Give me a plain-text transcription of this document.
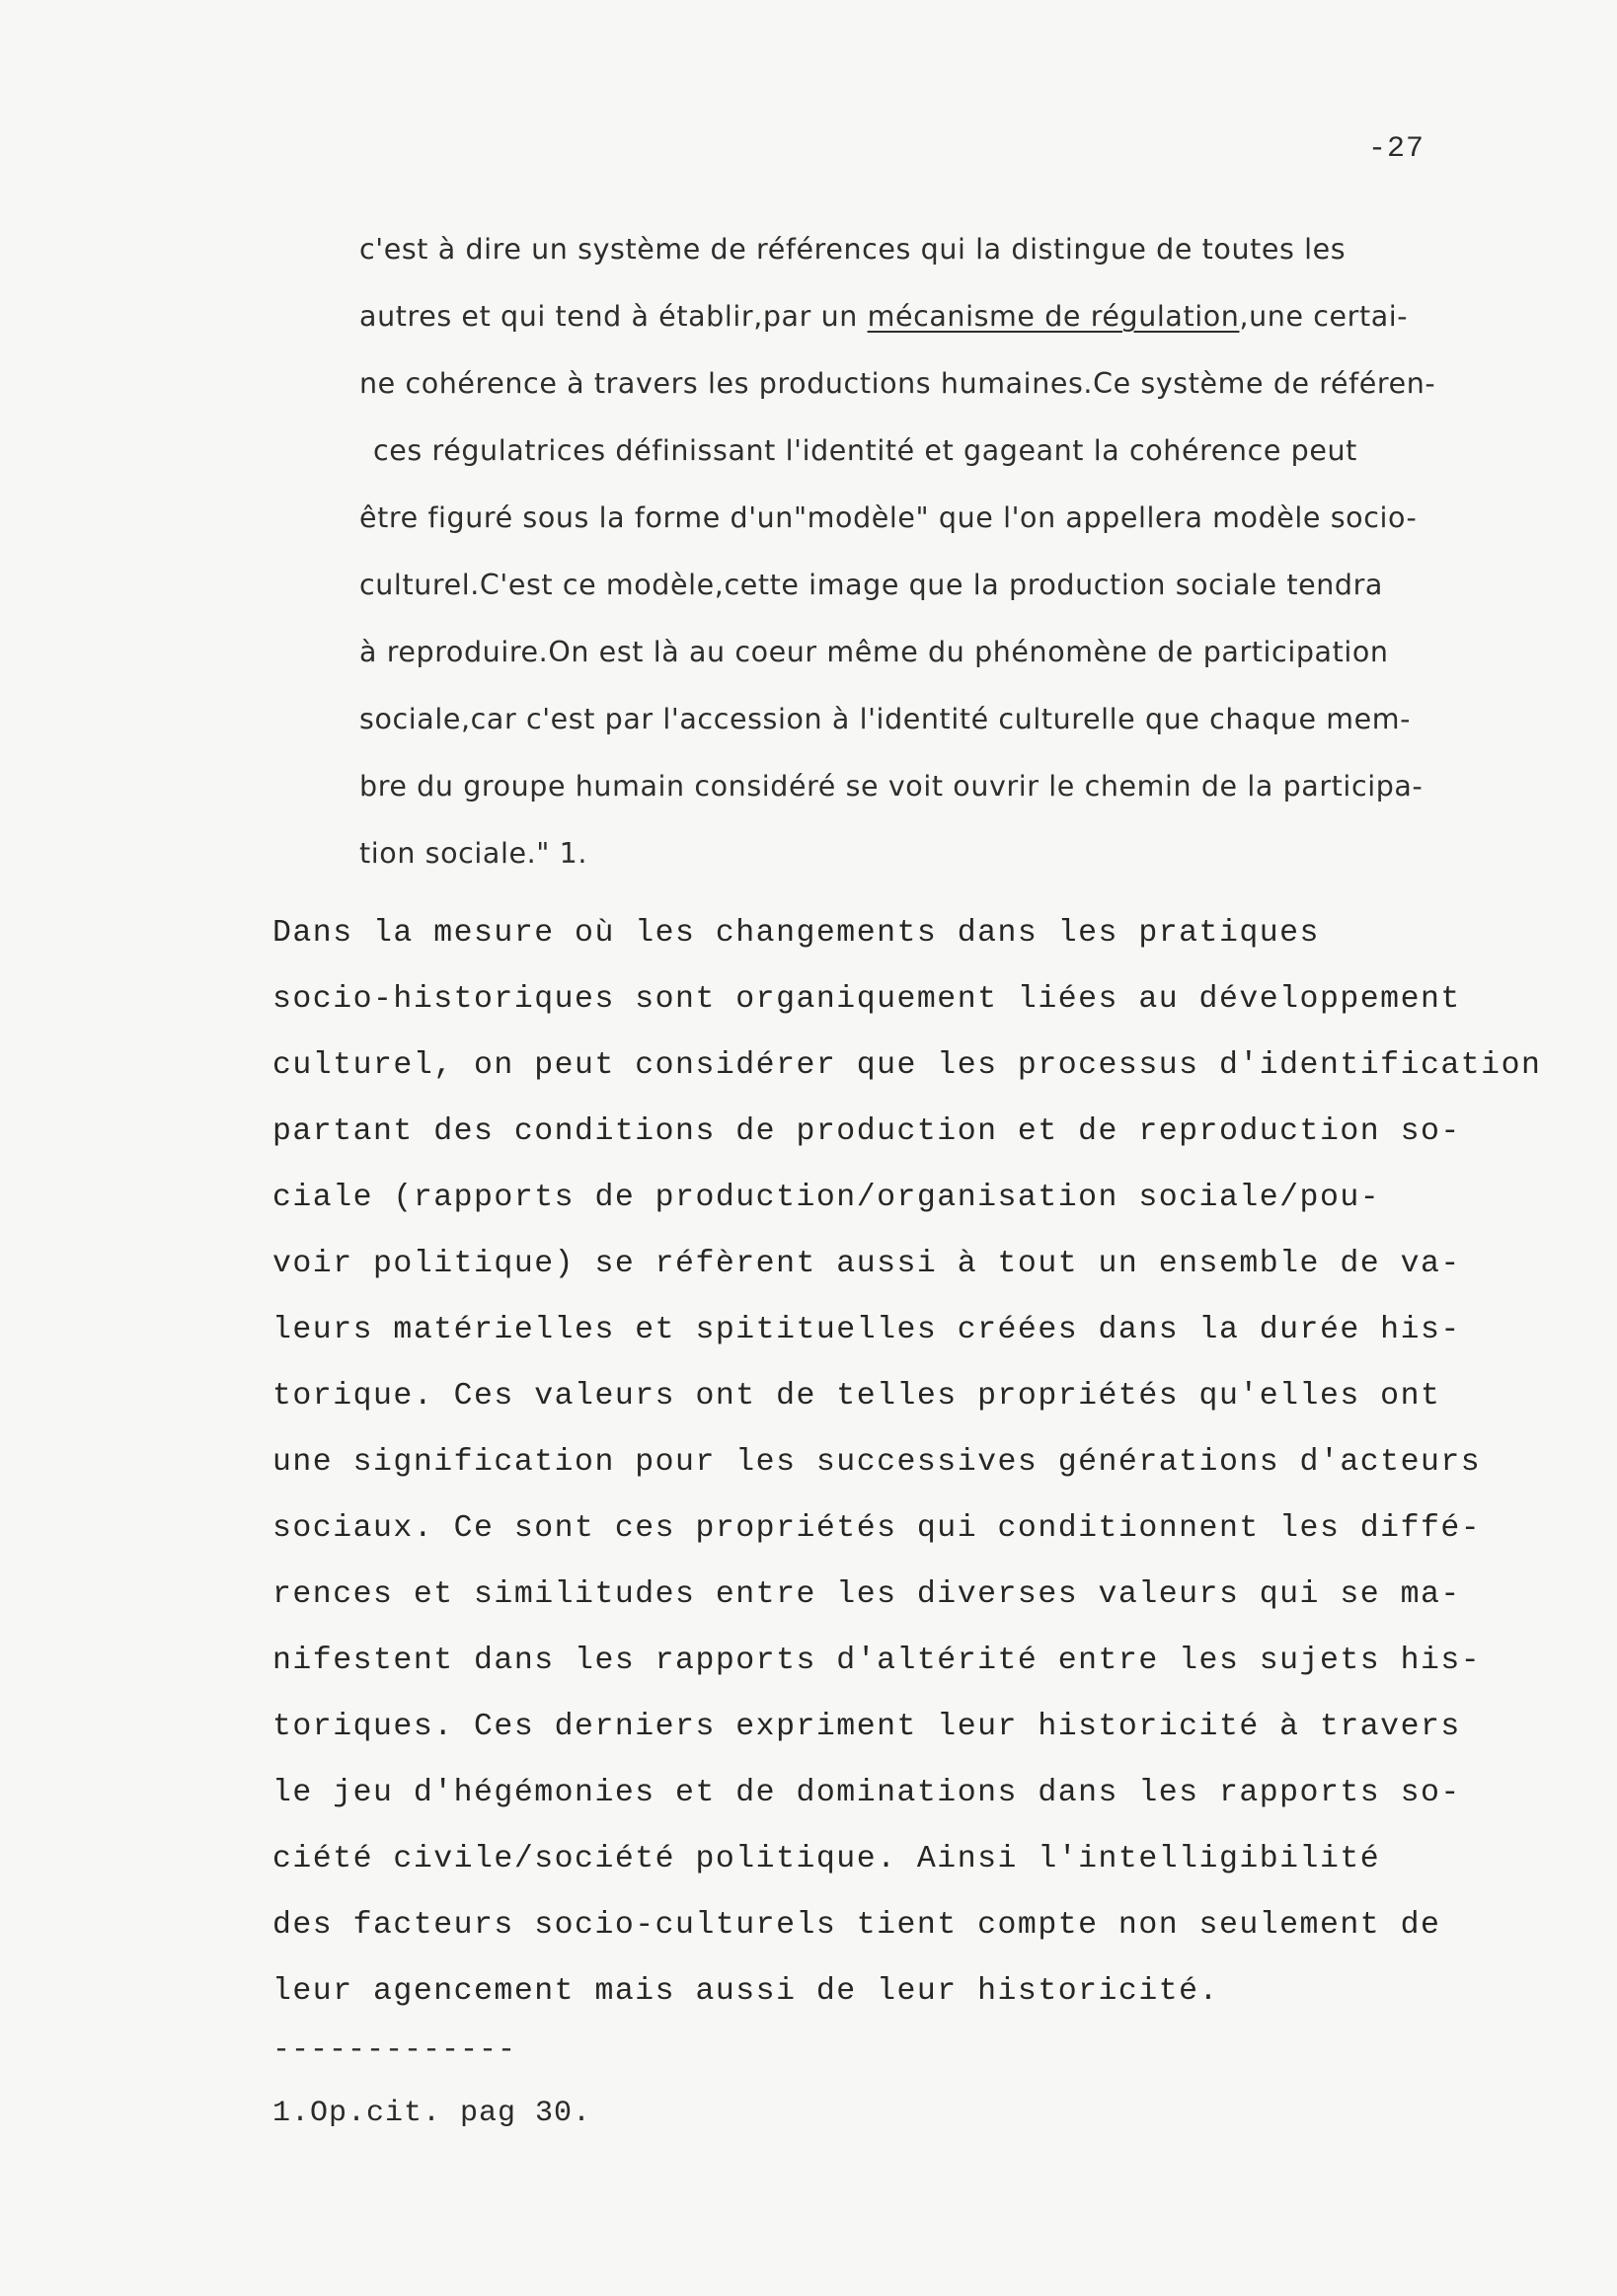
-27
c'est à dire un système de références qui la distingue de toutes les
autres et qui tend à établir,par un mécanisme de régulation,une certai-
ne cohérence à travers les productions humaines.Ce système de référen-
ces régulatrices définissant l'identité et gageant la cohérence peut
être figuré sous la forme d'un"modèle" que l'on appellera modèle socio-
culturel.C'est ce modèle,cette image que la production sociale tendra
à reproduire.On est là au coeur même du phénomène de participation
sociale,car c'est par l'accession à l'identité culturelle que chaque mem-
bre du groupe humain considéré se voit ouvrir le chemin de la participa-
tion sociale." 1.
Dans la mesure où les changements dans les pratiques
socio-historiques sont organiquement liées au développement
culturel, on peut considérer que les processus d'identification
partant des conditions de production et de reproduction so-
ciale (rapports de production/organisation sociale/pou-
voir politique) se réfèrent aussi à tout un ensemble de va-
leurs matérielles et spitituelles créées dans la durée his-
torique. Ces valeurs ont de telles propriétés qu'elles ont
une signification pour les successives générations d'acteurs
sociaux. Ce sont ces propriétés qui conditionnent les diffé-
rences et similitudes entre les diverses valeurs qui se ma-
nifestent dans les rapports d'altérité entre les sujets his-
toriques. Ces derniers expriment leur historicité à travers
le jeu d'hégémonies et de dominations dans les rapports so-
ciété civile/société politique. Ainsi l'intelligibilité
des facteurs socio-culturels tient compte non seulement de
leur agencement mais aussi de leur historicité.
-------------
1.Op.cit. pag 30.
